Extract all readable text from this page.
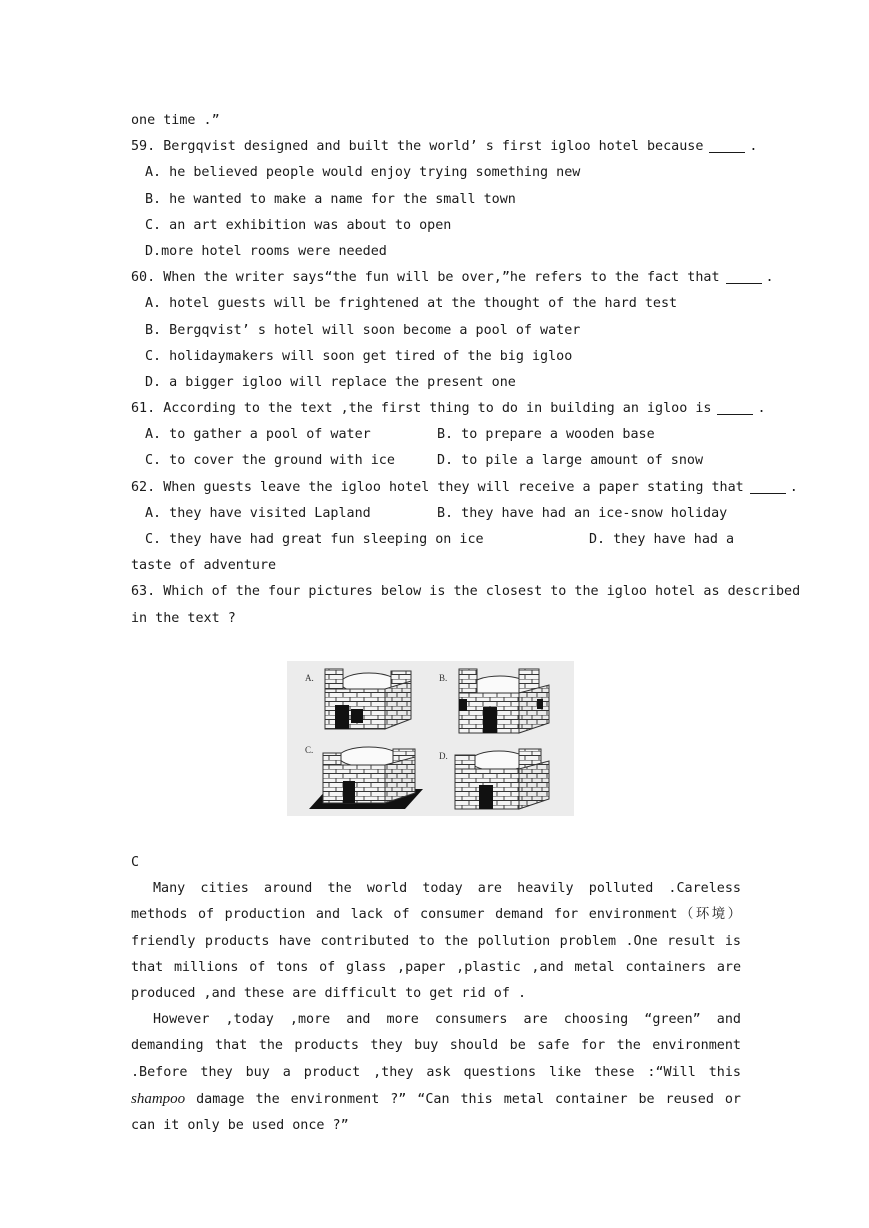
one time .”
59. Bergqvist designed and built the world’ s first igloo hotel because	.
A. he believed people would enjoy trying something new
B. he wanted to make a name for the small town
C. an art exhibition was about to open
D.more hotel rooms were needed
60. When the writer says“the fun will be over,”he refers to the fact that	.
A. hotel guests will be frightened at the thought of the hard test
B. Bergqvist’ s hotel will soon become a pool of water
C. holidaymakers will soon get tired of the big igloo
D. a bigger igloo will replace the present one
61. According to the text ,the first thing to do in building an igloo is	.
A. to gather a pool of water	B. to prepare a wooden base
C. to cover the ground with ice	D. to pile a large amount of snow
62. When guests leave the igloo hotel they will receive a paper stating that	.
A. they have visited Lapland	B. they have had an ice-snow holiday
C. they have had great fun sleeping on ice	D. they have had a
taste of adventure
63. Which of the four pictures below is the closest to the igloo hotel as described
in the text ?
A.	B.
C.
D.
C
Many cities around the world today are heavily polluted .Careless methods of production and lack of consumer demand for environment（环境）friendly products have contributed to the pollution problem .One result is that millions of tons of glass ,paper ,plastic ,and metal containers are produced ,and these are difficult to get rid of .
However ,today ,more and more consumers are choosing “green” and demanding that the products they buy should be safe for the environment .Before they buy a product ,they ask questions like these :“Will this shampoo damage the environment ?” “Can this metal container be reused or can it only be used once ?”
